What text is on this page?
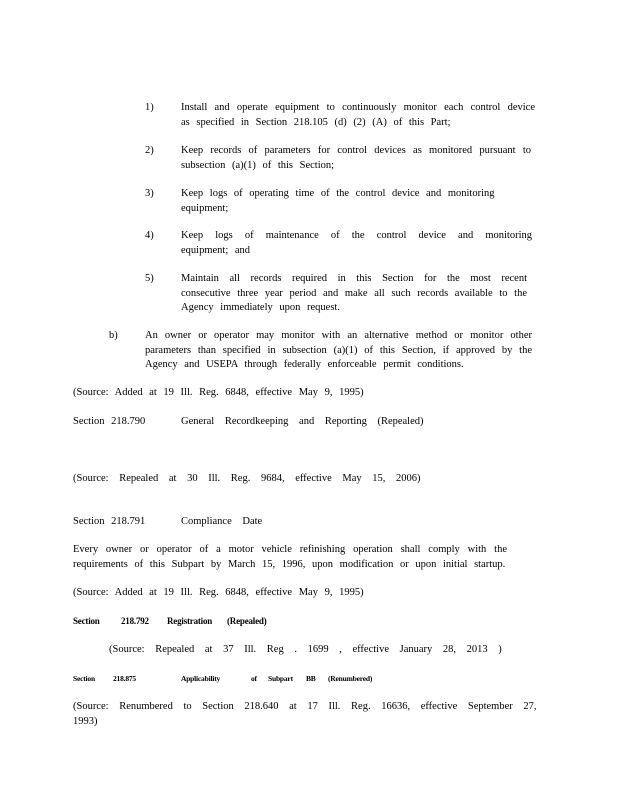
1)	Install and operate equipment to continuously monitor each control device as specified in Section 218.105 (d) (2) (A) of this Part;
2)	Keep records of parameters for control devices as monitored pursuant to subsection (a)(1) of this Section;
3)	Keep logs of operating time of the control device and monitoring equipment;
4)	Keep logs of maintenance of the control device and monitoring equipment; and
5)	Maintain all records required in this Section for the most recent consecutive three year period and make all such records available to the Agency immediately upon request.
b)	An owner or operator may monitor with an alternative method or monitor other parameters than specified in subsection (a)(1) of this Section, if approved by the Agency and USEPA through federally enforceable permit conditions.
(Source: Added at 19 Ill. Reg. 6848, effective May 9, 1995)
Section 218.790	General Recordkeeping and Reporting (Repealed)
(Source: Repealed at 30 Ill. Reg. 9684, effective May 15, 2006)
Section 218.791	Compliance Date
Every owner or operator of a motor vehicle refinishing operation shall comply with the requirements of this Subpart by March 15, 1996, upon modification or upon initial startup.
(Source: Added at 19 Ill. Reg. 6848, effective May 9, 1995)
Section 218.792 Registration (Repealed)
(Source: Repealed at 37 Ill. Reg . 1699 , effective January 28, 2013 )
Section 218.875	Applicability	of Subpart BB (Renumbered)
(Source: Renumbered to Section 218.640 at 17 Ill. Reg. 16636, effective September 27, 1993)
